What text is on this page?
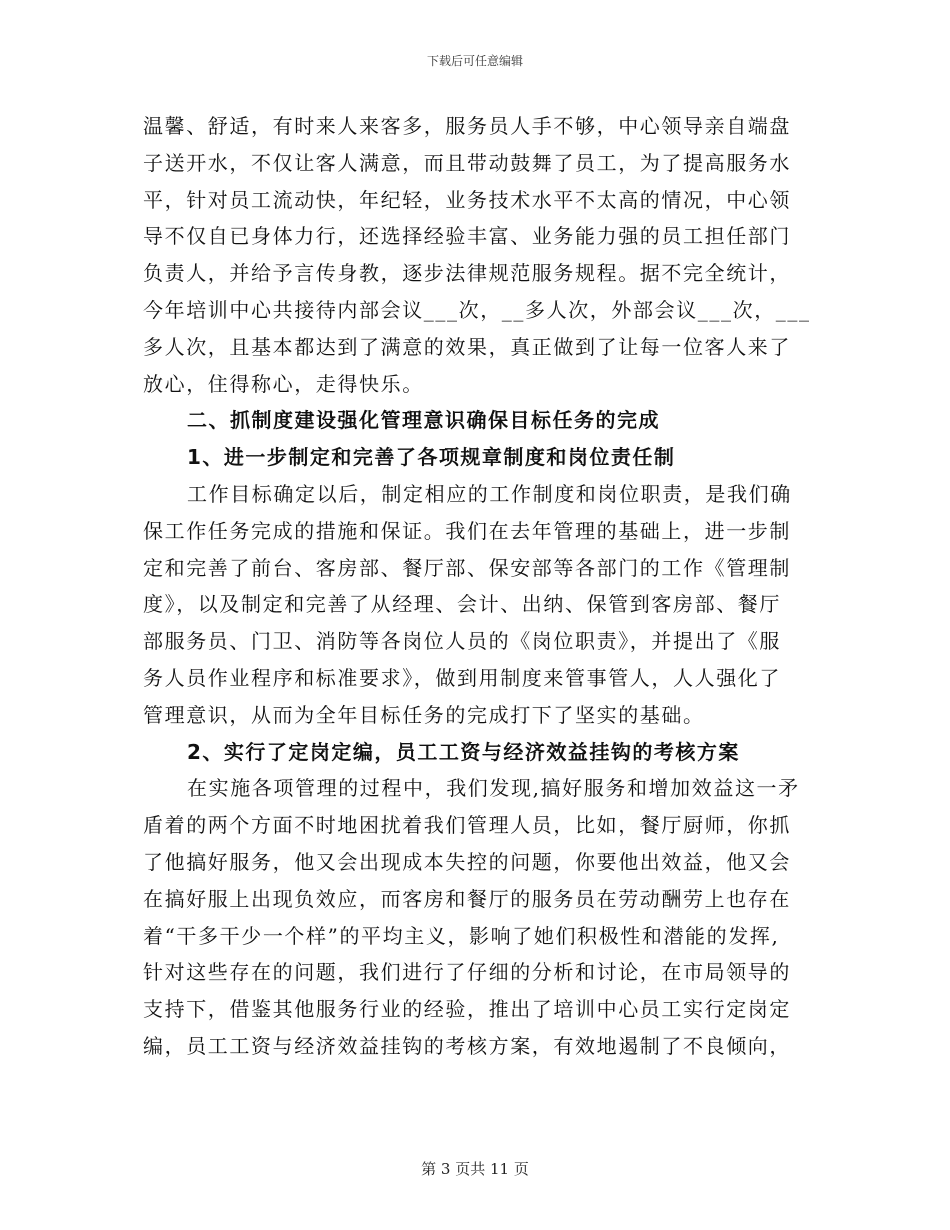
下载后可任意编辑
温馨、舒适，有时来人来客多，服务员人手不够，中心领导亲自端盘
子送开水，不仅让客人满意，而且带动鼓舞了员工，为了提高服务水
平，针对员工流动快，年纪轻，业务技术水平不太高的情况，中心领
导不仅自已身体力行，还选择经验丰富、业务能力强的员工担任部门
负责人，并给予言传身教，逐步法律规范服务规程。据不完全统计，
今年培训中心共接待内部会议___次，__多人次，外部会议___次，___
多人次，且基本都达到了满意的效果，真正做到了让每一位客人来了
放心，住得称心，走得快乐。
二、抓制度建设强化管理意识确保目标任务的完成
1、进一步制定和完善了各项规章制度和岗位责任制
工作目标确定以后，制定相应的工作制度和岗位职责，是我们确
保工作任务完成的措施和保证。我们在去年管理的基础上，进一步制
定和完善了前台、客房部、餐厅部、保安部等各部门的工作《管理制
度》，以及制定和完善了从经理、会计、出纳、保管到客房部、餐厅
部服务员、门卫、消防等各岗位人员的《岗位职责》，并提出了《服
务人员作业程序和标准要求》，做到用制度来管事管人，人人强化了
管理意识，从而为全年目标任务的完成打下了坚实的基础。
2、实行了定岗定编，员工工资与经济效益挂钩的考核方案
在实施各项管理的过程中，我们发现,搞好服务和增加效益这一矛
盾着的两个方面不时地困扰着我们管理人员，比如，餐厅厨师，你抓
了他搞好服务，他又会出现成本失控的问题，你要他出效益，他又会
在搞好服上出现负效应，而客房和餐厅的服务员在劳动酬劳上也存在
着“干多干少一个样”的平均主义，影响了她们积极性和潜能的发挥,
针对这些存在的问题，我们进行了仔细的分析和讨论，在市局领导的
支持下，借鉴其他服务行业的经验，推出了培训中心员工实行定岗定
编，员工工资与经济效益挂钩的考核方案，有效地遏制了不良倾向，
第 3 页共 11 页
